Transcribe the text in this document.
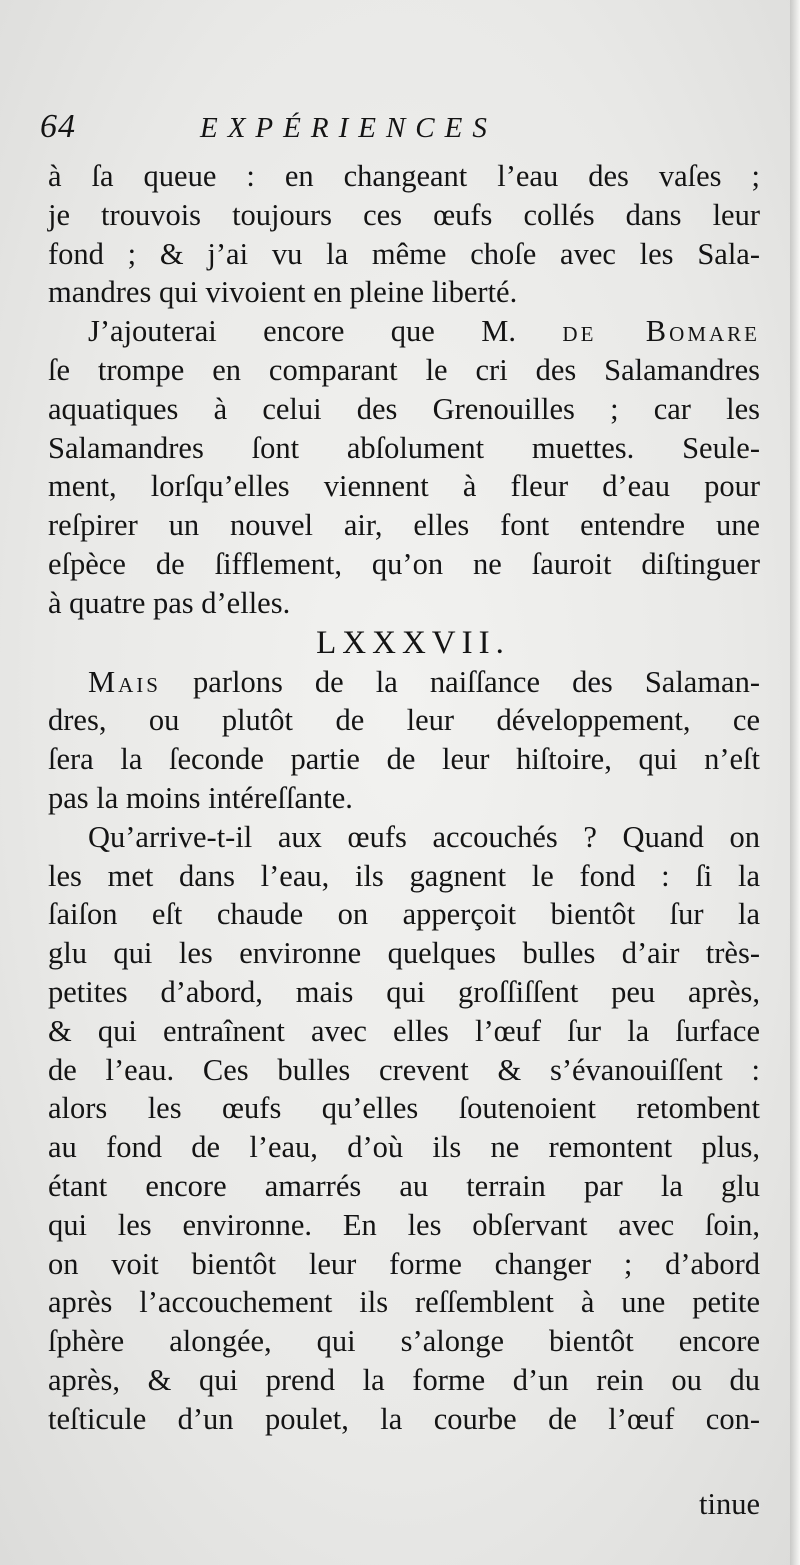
64	EXPÉRIENCES
à ſa queue : en changeant l’eau des vaſes ;
je trouvois toujours ces œufs collés dans leur
fond ; & j’ai vu la même choſe avec les Sala-
mandres qui vivoient en pleine liberté.
J’ajouterai encore que M. de Bomare
ſe trompe en comparant le cri des Salamandres
aquatiques à celui des Grenouilles ; car les
Salamandres ſont abſolument muettes. Seule-
ment, lorſqu’elles viennent à fleur d’eau pour
reſpirer un nouvel air, elles font entendre une
eſpèce de ſifflement, qu’on ne ſauroit diſtinguer
à quatre pas d’elles.
LXXXVII.
Mais parlons de la naiſſance des Salaman-
dres, ou plutôt de leur développement, ce
ſera la ſeconde partie de leur hiſtoire, qui n’eſt
pas la moins intéreſſante.
Qu’arrive-t-il aux œufs accouchés ? Quand on
les met dans l’eau, ils gagnent le fond : ſi la
ſaiſon eſt chaude on apperçoit bientôt ſur la
glu qui les environne quelques bulles d’air très-
petites d’abord, mais qui groſſiſſent peu après,
& qui entraînent avec elles l’œuf ſur la ſurface
de l’eau. Ces bulles crevent & s’évanouiſſent :
alors les œufs qu’elles ſoutenoient retombent
au fond de l’eau, d’où ils ne remontent plus,
étant encore amarrés au terrain par la glu
qui les environne. En les obſervant avec ſoin,
on voit bientôt leur forme changer ; d’abord
après l’accouchement ils reſſemblent à une petite
ſphère alongée, qui s’alonge bientôt encore
après, & qui prend la forme d’un rein ou du
teſticule d’un poulet, la courbe de l’œuf con-
tinue
